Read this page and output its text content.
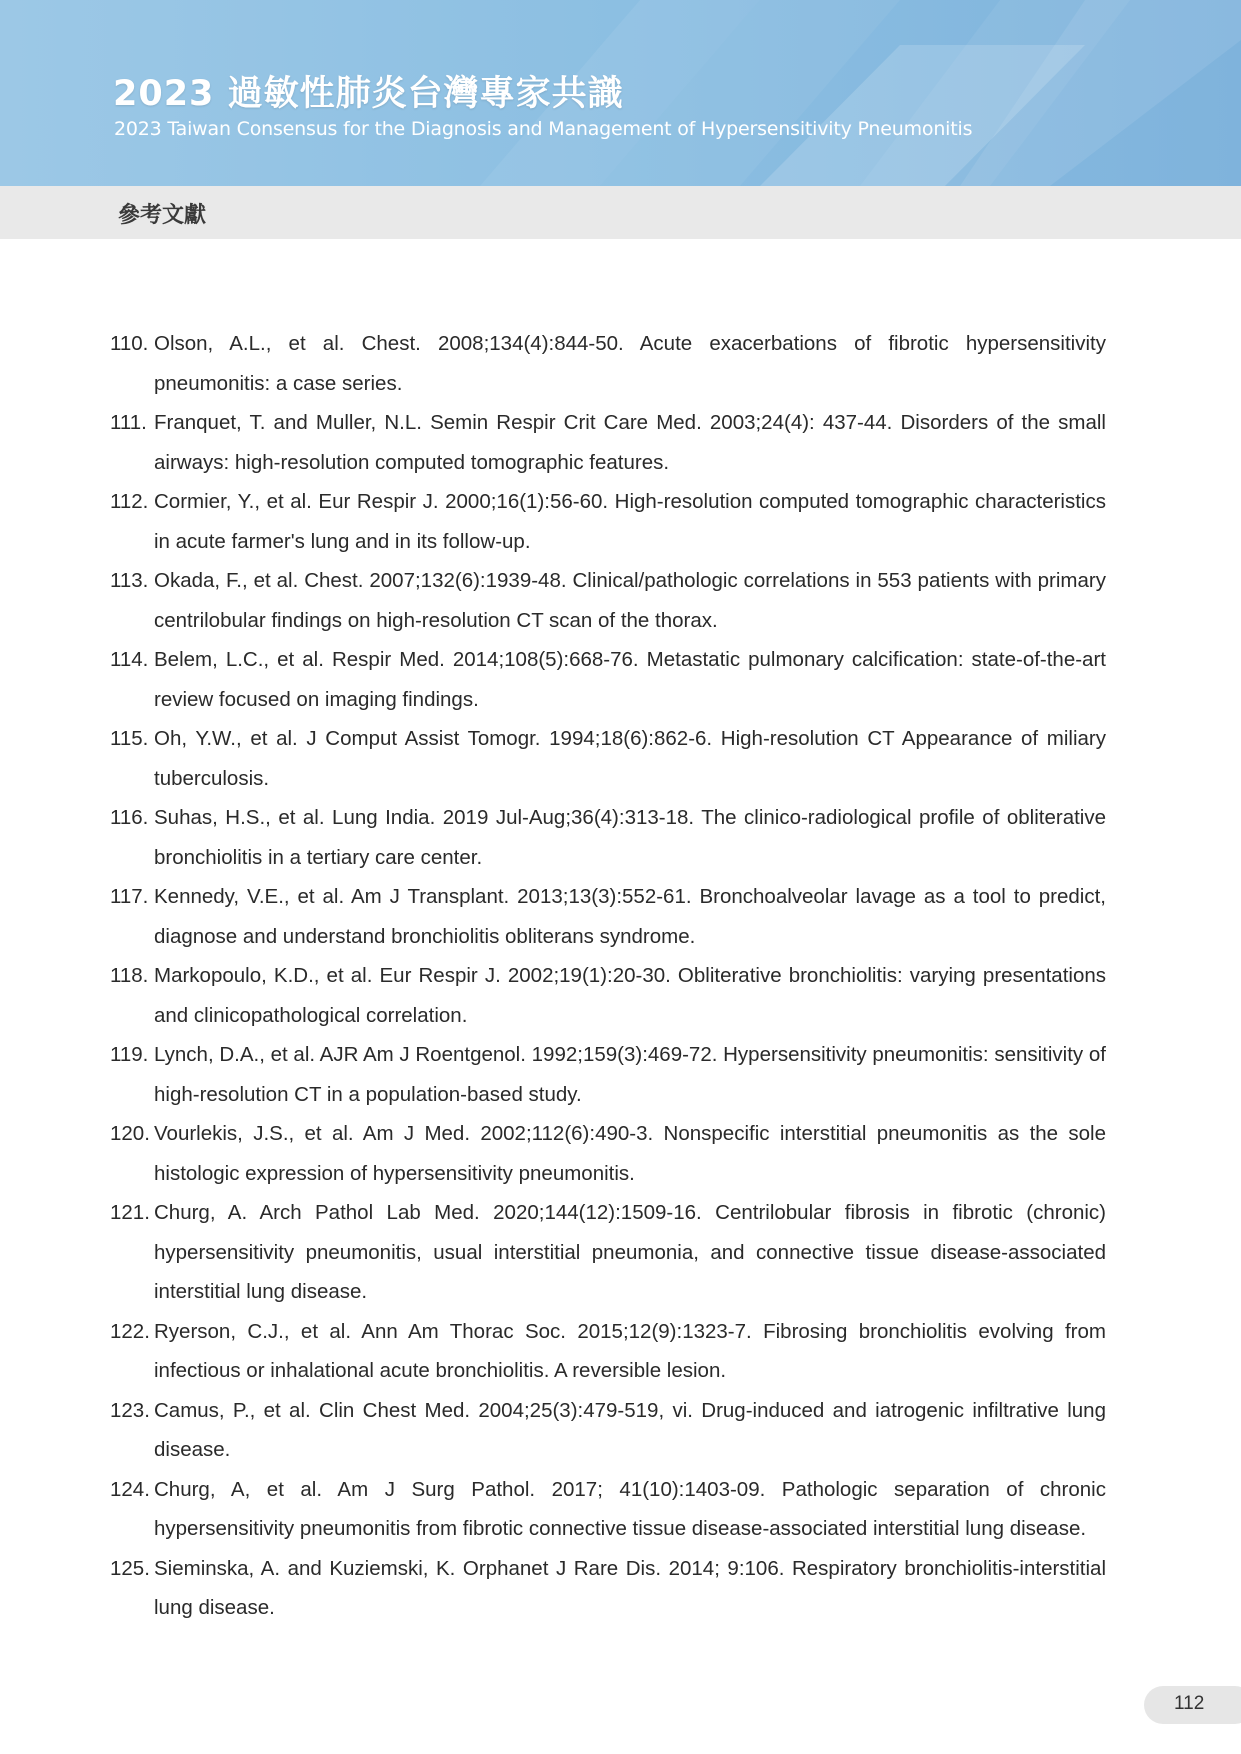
2023 過敏性肺炎台灣專家共識
2023 Taiwan Consensus for the Diagnosis and Management of Hypersensitivity Pneumonitis
參考文獻
110. Olson, A.L., et al. Chest. 2008;134(4):844-50. Acute exacerbations of fibrotic hypersensitivity pneumonitis: a case series.
111. Franquet, T. and Muller, N.L. Semin Respir Crit Care Med. 2003;24(4): 437-44. Disorders of the small airways: high-resolution computed tomographic features.
112. Cormier, Y., et al. Eur Respir J. 2000;16(1):56-60. High-resolution computed tomographic characteristics in acute farmer's lung and in its follow-up.
113. Okada, F., et al. Chest. 2007;132(6):1939-48. Clinical/pathologic correlations in 553 patients with primary centrilobular findings on high-resolution CT scan of the thorax.
114. Belem, L.C., et al. Respir Med. 2014;108(5):668-76. Metastatic pulmonary calcification: state-of-the-art review focused on imaging findings.
115. Oh, Y.W., et al. J Comput Assist Tomogr. 1994;18(6):862-6. High-resolution CT Appearance of miliary tuberculosis.
116. Suhas, H.S., et al. Lung India. 2019 Jul-Aug;36(4):313-18. The clinico-radiological profile of obliterative bronchiolitis in a tertiary care center.
117. Kennedy, V.E., et al. Am J Transplant. 2013;13(3):552-61. Bronchoalveolar lavage as a tool to predict, diagnose and understand bronchiolitis obliterans syndrome.
118. Markopoulo, K.D., et al. Eur Respir J. 2002;19(1):20-30. Obliterative bronchiolitis: varying presentations and clinicopathological correlation.
119. Lynch, D.A., et al. AJR Am J Roentgenol. 1992;159(3):469-72. Hypersensitivity pneumonitis: sensitivity of high-resolution CT in a population-based study.
120. Vourlekis, J.S., et al. Am J Med. 2002;112(6):490-3. Nonspecific interstitial pneumonitis as the sole histologic expression of hypersensitivity pneumonitis.
121. Churg, A. Arch Pathol Lab Med. 2020;144(12):1509-16. Centrilobular fibrosis in fibrotic (chronic) hypersensitivity pneumonitis, usual interstitial pneumonia, and connective tissue disease-associated interstitial lung disease.
122. Ryerson, C.J., et al. Ann Am Thorac Soc. 2015;12(9):1323-7. Fibrosing bronchiolitis evolving from infectious or inhalational acute bronchiolitis. A reversible lesion.
123. Camus, P., et al. Clin Chest Med. 2004;25(3):479-519, vi. Drug-induced and iatrogenic infiltrative lung disease.
124. Churg, A, et al. Am J Surg Pathol. 2017; 41(10):1403-09. Pathologic separation of chronic hypersensitivity pneumonitis from fibrotic connective tissue disease-associated interstitial lung disease.
125. Sieminska, A. and Kuziemski, K. Orphanet J Rare Dis. 2014; 9:106. Respiratory bronchiolitis-interstitial lung disease.
112
